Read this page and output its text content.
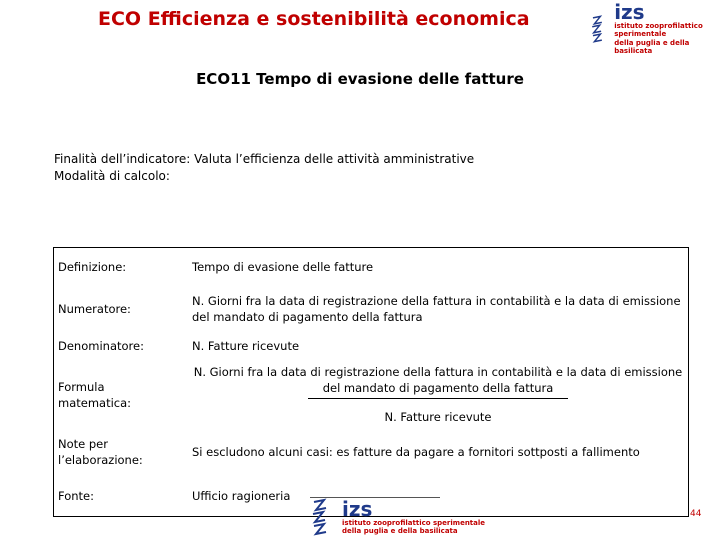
ECO Efficienza e sostenibilità economica	izs
istituto zooprofilattico sperimentale
della puglia e della basilicata
ECO11 Tempo di evasione delle fatture
Finalità dell’indicatore: Valuta l’efficienza delle attività amministrative
Modalità di calcolo:
Definizione:	Tempo di evasione delle fatture
Numeratore:	N. Giorni fra la data di registrazione della fattura in contabilità e la data di emissione del mandato di pagamento della fattura
Denominatore:	N. Fatture ricevute
Formula matematica:	N. Giorni fra la data di registrazione della fattura in contabilità e la data di emissione del mandato di pagamento della fattura
N. Fatture ricevute

Note per l’elaborazione:	Si escludono alcuni casi: es fatture da pagare a fornitori sottposti a fallimento
Fonte:	Ufficio ragioneria
izs
istituto zooprofilattico sperimentale
della puglia e della basilicata
44
